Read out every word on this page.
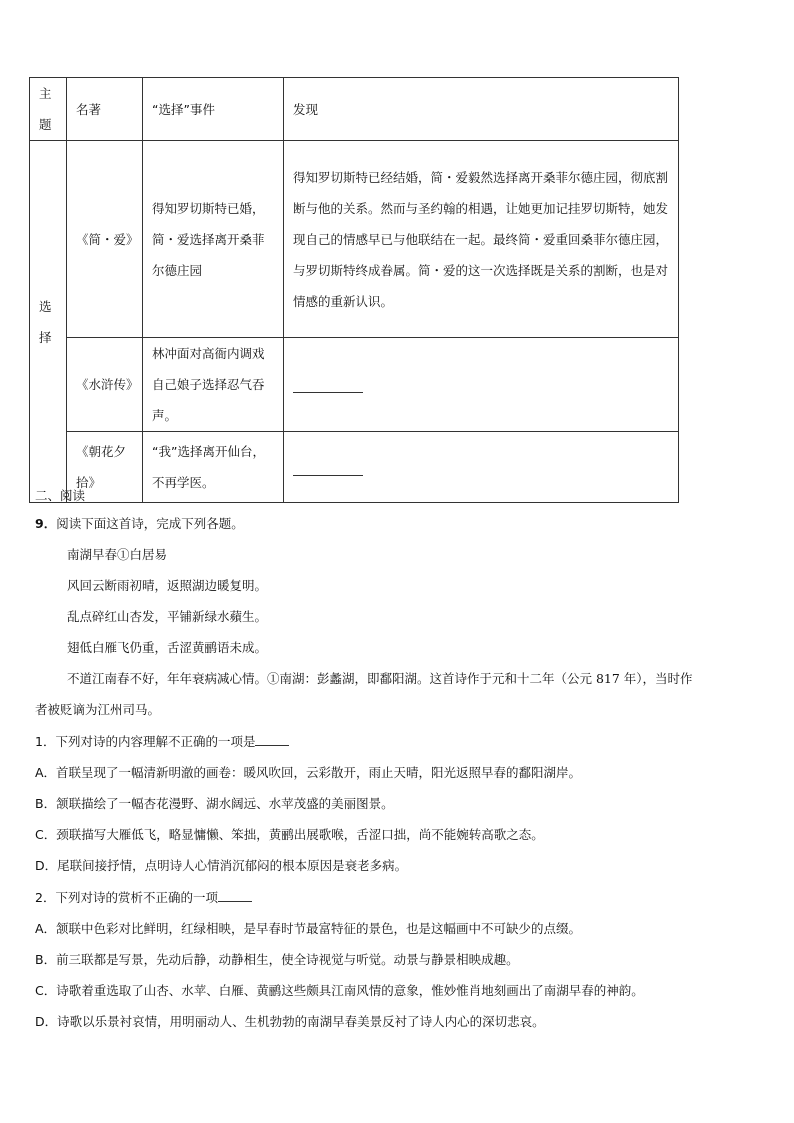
主题	名著	“选择”事件	发现
选择	《简・爱》	得知罗切斯特已婚，简・爱选择离开桑菲尔德庄园	得知罗切斯特已经结婚，简・爱毅然选择离开桑菲尔德庄园，彻底割断与他的关系。然而与圣约翰的相遇，让她更加记挂罗切斯特，她发现自己的情感早已与他联结在一起。最终简・爱重回桑菲尔德庄园，与罗切斯特终成眷属。简・爱的这一次选择既是关系的割断，也是对情感的重新认识。
	《水浒传》	林冲面对高衙内调戏自己娘子选择忍气吞声。	
	《朝花夕拾》	“我”选择离开仙台，不再学医。	
二、阅读
9．阅读下面这首诗，完成下列各题。
南湖早春①白居易
风回云断雨初晴，返照湖边暖复明。
乱点碎红山杏发，平铺新绿水蘋生。
翅低白雁飞仍重，舌涩黄鹂语未成。
不道江南春不好，年年衰病减心情。①南湖：彭蠡湖，即鄱阳湖。这首诗作于元和十二年（公元 817 年），当时作
者被贬谪为江州司马。
1．下列对诗的内容理解不正确的一项是
A．首联呈现了一幅清新明澈的画卷：暖风吹回，云彩散开，雨止天晴，阳光返照早春的鄱阳湖岸。
B．颔联描绘了一幅杏花漫野、湖水阔远、水苹茂盛的美丽图景。
C．颈联描写大雁低飞，略显慵懒、笨拙，黄鹂出展歌喉，舌涩口拙，尚不能婉转高歌之态。
D．尾联间接抒情，点明诗人心情消沉郁闷的根本原因是衰老多病。
2．下列对诗的赏析不正确的一项
A．颔联中色彩对比鲜明，红绿相映，是早春时节最富特征的景色，也是这幅画中不可缺少的点缀。
B．前三联都是写景，先动后静，动静相生，使全诗视觉与听觉。动景与静景相映成趣。
C．诗歌着重选取了山杏、水苹、白雁、黄鹂这些颇具江南风情的意象，惟妙惟肖地刻画出了南湖早春的神韵。
D．诗歌以乐景衬哀情，用明丽动人、生机勃勃的南湖早春美景反衬了诗人内心的深切悲哀。
